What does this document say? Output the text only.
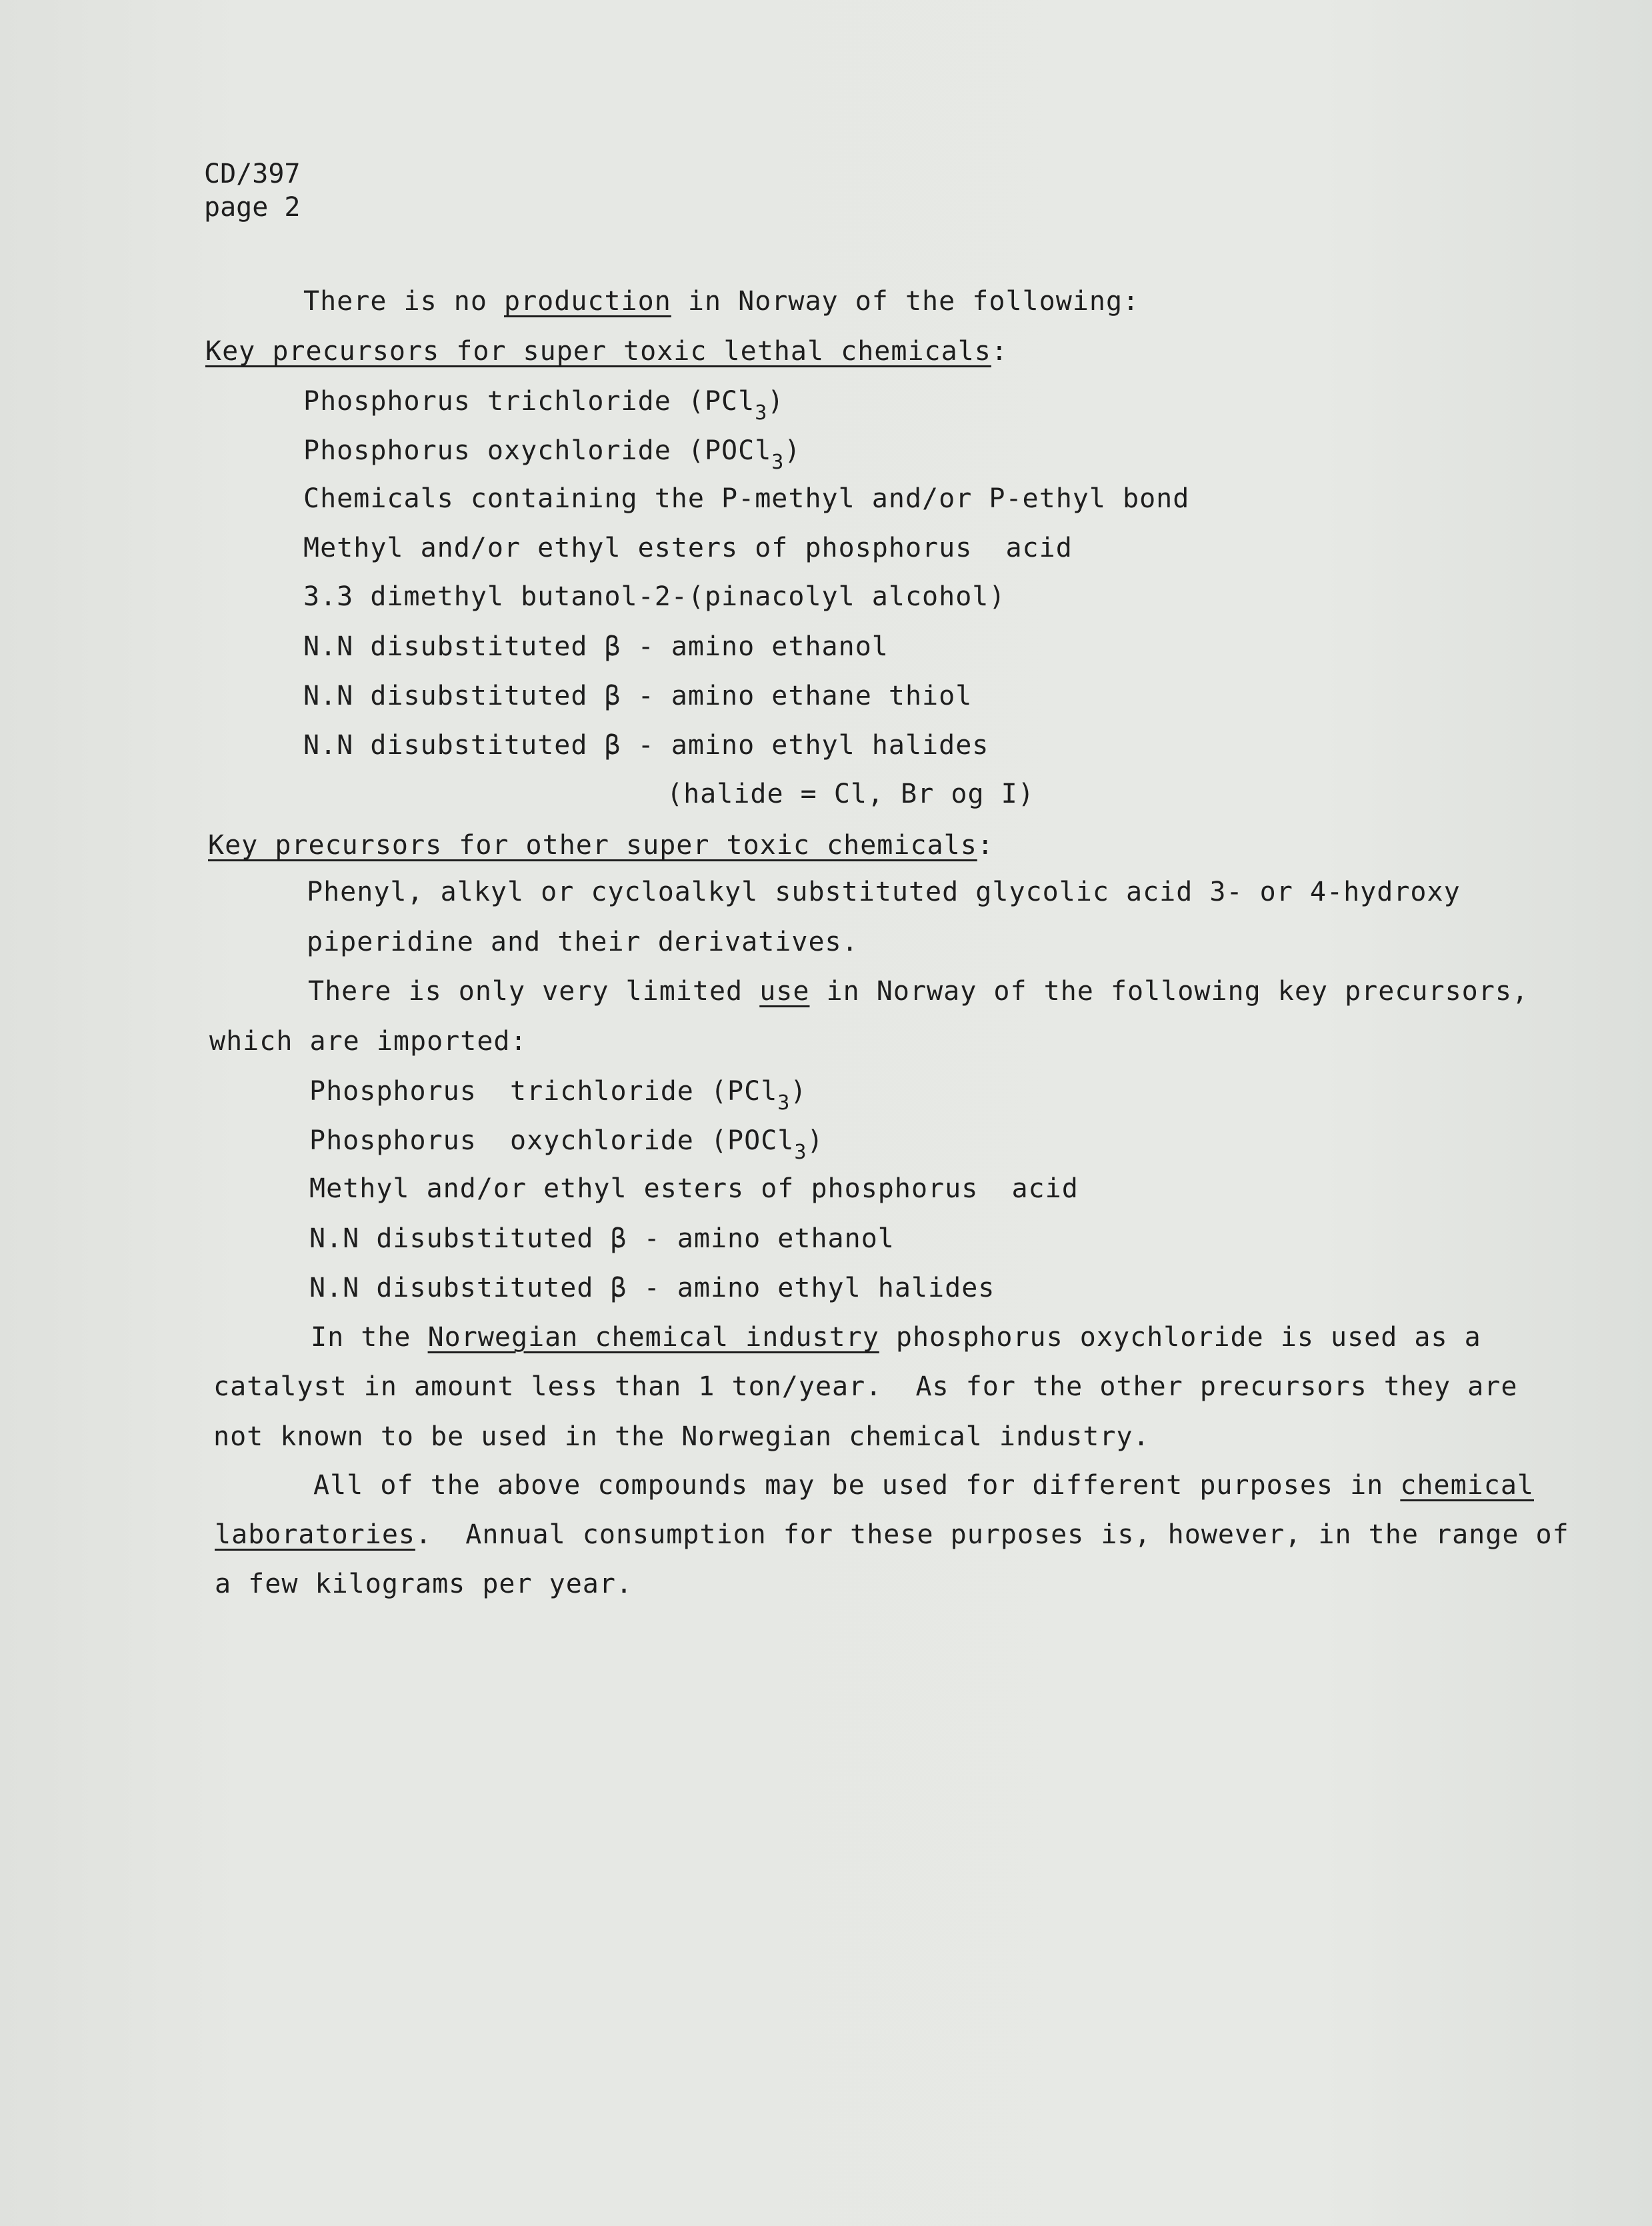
CD/397
page 2
There is no production in Norway of the following:
Key precursors for super toxic lethal chemicals:
Phosphorus trichloride (PCl$_3$)
Phosphorus oxychloride (POCl$_3$)
Chemicals containing the P-methyl and/or P-ethyl bond
Methyl and/or ethyl esters of phosphorus  acid
3.3 dimethyl butanol-2-(pinacolyl alcohol)
N.N disubstituted β - amino ethanol
N.N disubstituted β - amino ethane thiol
N.N disubstituted β - amino ethyl halides
(halide = Cl, Br og I)
Key precursors for other super toxic chemicals:
Phenyl, alkyl or cycloalkyl substituted glycolic acid 3- or 4-hydroxy
piperidine and their derivatives.
There is only very limited use in Norway of the following key precursors,
which are imported:
Phosphorus  trichloride (PCl$_3$)
Phosphorus  oxychloride (POCl$_3$)
Methyl and/or ethyl esters of phosphorus  acid
N.N disubstituted β - amino ethanol
N.N disubstituted β - amino ethyl halides
In the Norwegian chemical industry phosphorus oxychloride is used as a
catalyst in amount less than 1 ton/year.  As for the other precursors they are
not known to be used in the Norwegian chemical industry.
All of the above compounds may be used for different purposes in chemical
laboratories.  Annual consumption for these purposes is, however, in the range of
a few kilograms per year.
